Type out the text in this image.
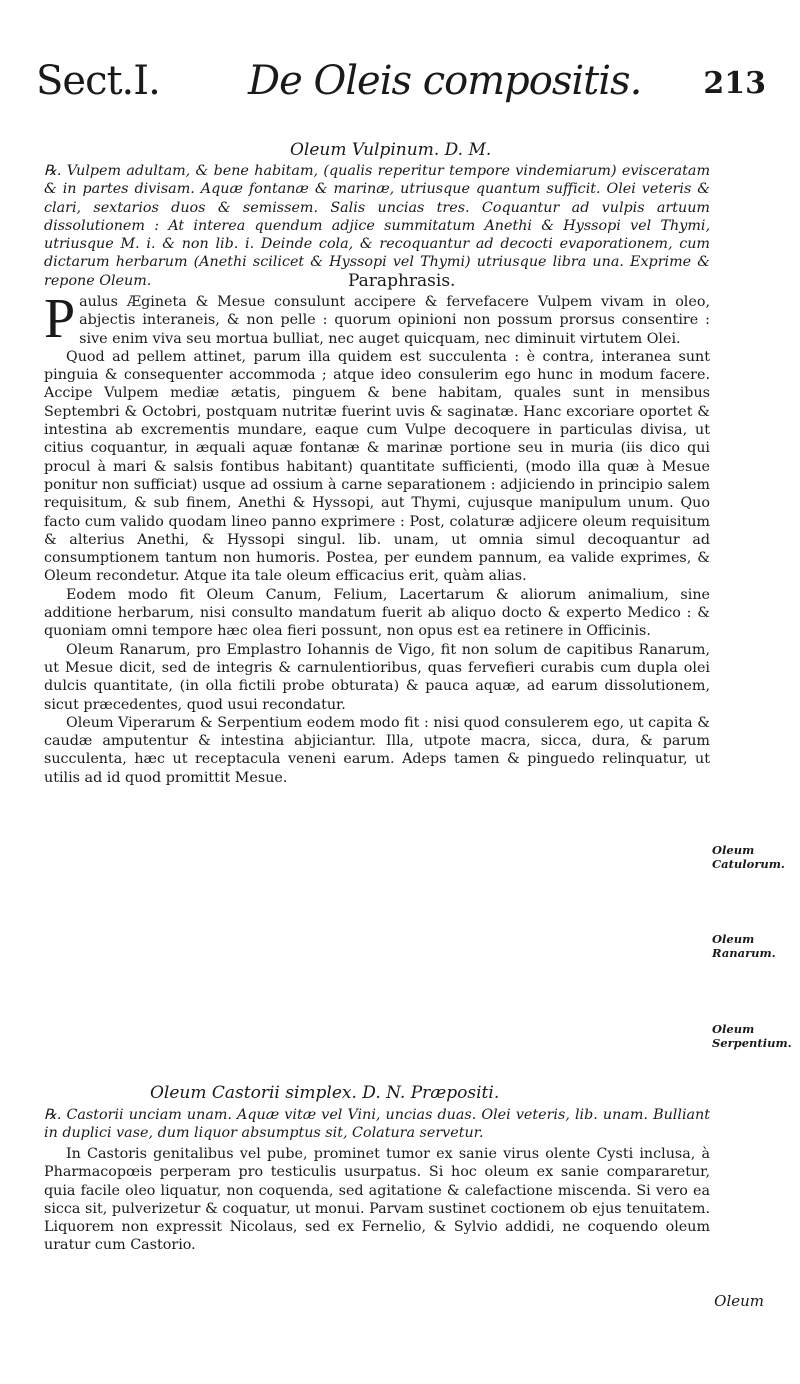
Sect.I. De Oleis compositis. 213
Oleum Vulpinum. D. M.

℞. Vulpem adultam, & bene habitam, (qualis reperitur tempore vindemiarum) evisceratam & in partes divisam. Aquæ fontanæ & marinæ, utriusque quantum sufficit. Olei veteris & clari, sextarios duos & semissem. Salis uncias tres. Coquantur ad vulpis artuum dissolutionem : At interea quendum adjice summitatum Anethi & Hyssopi vel Thymi, utriusque M. i. & non lib. i. Deinde cola, & recoquantur ad decocti evaporationem, cum dictarum herbarum (Anethi scilicet & Hyssopi vel Thymi) utriusque libra una. Exprime & repone Oleum.	Paraphrasis.

Paulus Ægineta & Mesue consulunt accipere & fervefacere Vulpem vivam in oleo, abjectis interaneis, & non pelle : quorum opinioni non possum prorsus consentire : sive enim viva seu mortua bulliat, nec auget quicquam, nec diminuit virtutem Olei.

Quod ad pellem attinet, parum illa quidem est succulenta : è contra, interanea sunt pinguia & consequenter accommoda ; atque ideo consulerim ego hunc in modum facere. Accipe Vulpem mediæ ætatis, pinguem & bene habitam, quales sunt in mensibus Septembri & Octobri, postquam nutritæ fuerint uvis & saginatæ. Hanc excoriare oportet & intestina ab excrementis mundare, eaque cum Vulpe decoquere in particulas divisa, ut citius coquantur, in æquali aquæ fontanæ & marinæ portione seu in muria (iis dico qui procul à mari & salsis fontibus habitant) quantitate sufficienti, (modo illa quæ à Mesue ponitur non sufficiat) usque ad ossium à carne separationem : adjiciendo in principio salem requisitum, & sub finem, Anethi & Hyssopi, aut Thymi, cujusque manipulum unum. Quo facto cum valido quodam lineo panno exprimere : Post, colaturæ adjicere oleum requisitum & alterius Anethi, & Hyssopi singul. lib. unam, ut omnia simul decoquantur ad consumptionem tantum non humoris. Postea, per eundem pannum, ea valide exprimes, & Oleum recondetur. Atque ita tale oleum efficacius erit, quàm alias.

Eodem modo fit Oleum Canum, Felium, Lacertarum & aliorum animalium, sine additione herbarum, nisi consulto mandatum fuerit ab aliquo docto & experto Medico : & quoniam omni tempore hæc olea fieri possunt, non opus est ea retinere in Officinis.

Oleum Ranarum, pro Emplastro Iohannis de Vigo, fit non solum de capitibus Ranarum, ut Mesue dicit, sed de integris & carnulentioribus, quas fervefieri curabis cum dupla olei dulcis quantitate, (in olla fictili probe obturata) & pauca aquæ, ad earum dissolutionem, sicut præcedentes, quod usui recondatur.

Oleum Viperarum & Serpentium eodem modo fit : nisi quod consulerem ego, ut capita & caudæ amputentur & intestina abjiciantur. Illa, utpote macra, sicca, dura, & parum succulenta, hæc ut receptacula veneni earum. Adeps tamen & pinguedo relinquatur, ut utilis ad id quod promittit Mesue.

Oleum Catulorum.
Oleum Ranarum.
Oleum Serpentium.
Oleum Castorii simplex. D. N. Præpositi.

℞. Castorii unciam unam. Aquæ vitæ vel Vini, uncias duas. Olei veteris, lib. unam. Bulliant in duplici vase, dum liquor absumptus sit, Colatura servetur.

In Castoris genitalibus vel pube, prominet tumor ex sanie virus olente Cysti inclusa, à Pharmacopœis perperam pro testiculis usurpatus. Si hoc oleum ex sanie compararetur, quia facile oleo liquatur, non coquenda, sed agitatione & calefactione miscenda. Si vero ea sicca sit, pulverizetur & coquatur, ut monui. Parvam sustinet coctionem ob ejus tenuitatem. Liquorem non expressit Nicolaus, sed ex Fernelio, & Sylvio addidi, ne coquendo oleum uratur cum Castorio.

Oleum
